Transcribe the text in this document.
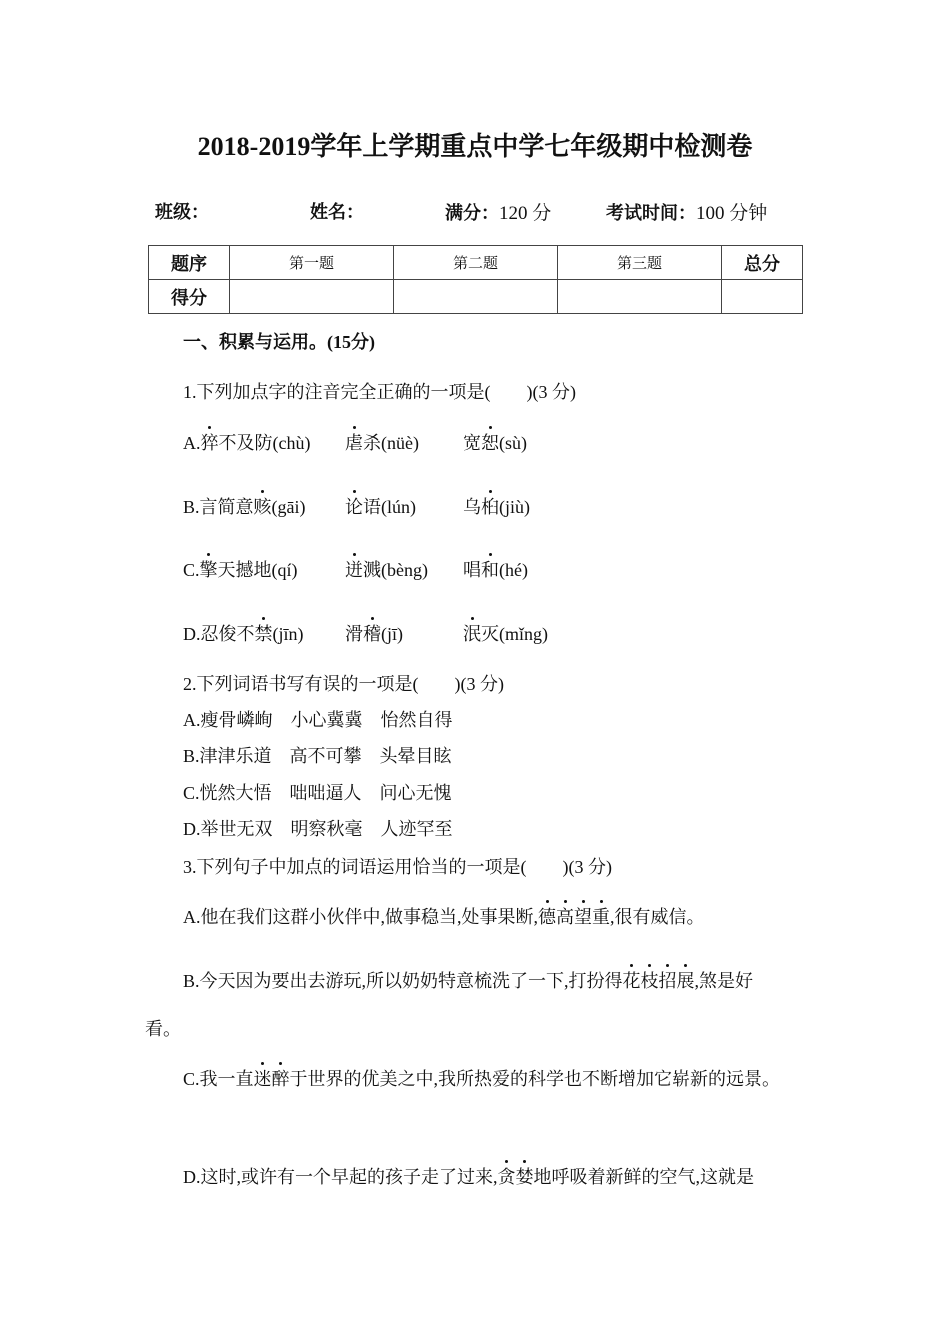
2018-2019学年上学期重点中学七年级期中检测卷
班级：	姓名：	满分：120 分	考试时间：100 分钟
题序	第一题	第二题	第三题	总分
得分				
一、积累与运用。(15分)
1.下列加点字的注音完全正确的一项是(　　)(3 分)
A.猝不及防(chù) 虐杀(nüè) 宽恕(sù)
B.言简意赅(gāi) 论语(lún)	乌桕(jiù)
C.擎天撼地(qí)	迸溅(bèng) 唱和(hé)
D.忍俊不禁(jīn) 滑稽(jī)	泯灭(mǐng)
2.下列词语书写有误的一项是(　　)(3 分)
A.瘦骨嶙峋　小心冀冀　怡然自得
B.津津乐道　高不可攀　头晕目眩
C.恍然大悟　咄咄逼人　问心无愧
D.举世无双　明察秋毫　人迹罕至
3.下列句子中加点的词语运用恰当的一项是(　　)(3 分)
A.他在我们这群小伙伴中,做事稳当,处事果断,德高望重,很有威信。
B.今天因为要出去游玩,所以奶奶特意梳洗了一下,打扮得花枝招展,煞是好
看。
C.我一直迷醉于世界的优美之中,我所热爱的科学也不断增加它崭新的远景。
D.这时,或许有一个早起的孩子走了过来,贪婪地呼吸着新鲜的空气,这就是
